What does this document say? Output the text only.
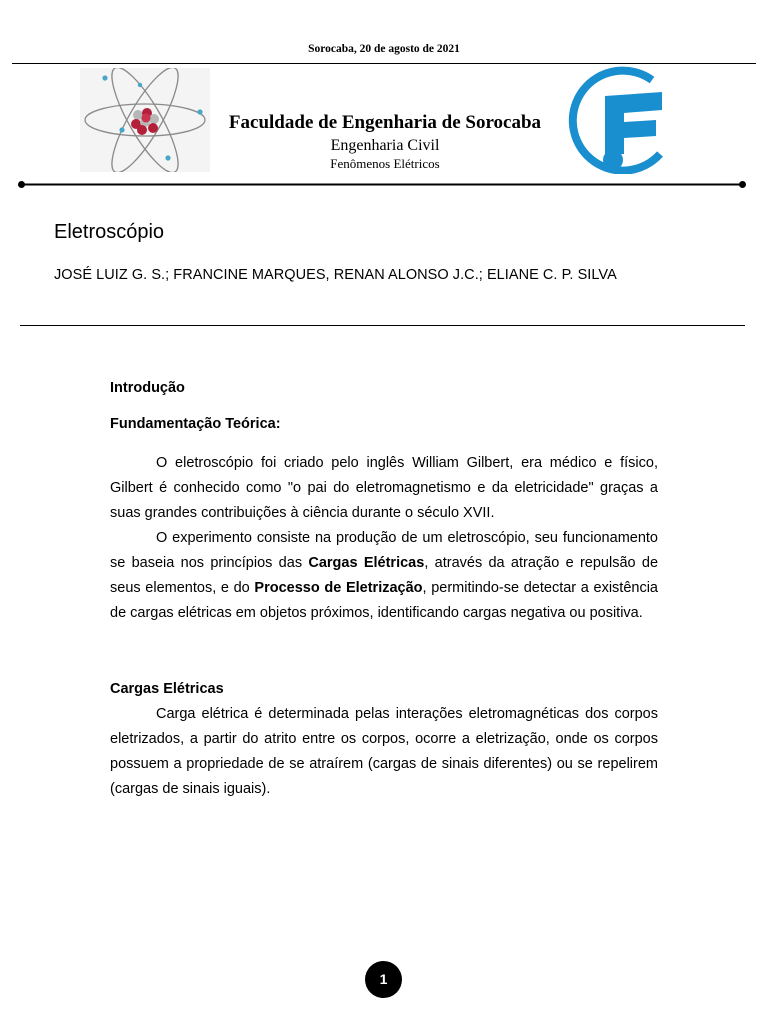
Sorocaba, 20 de agosto de 2021
Faculdade de Engenharia de Sorocaba
Engenharia Civil
Fenômenos Elétricos
Eletroscópio
JOSÉ LUIZ G. S.; FRANCINE MARQUES, RENAN ALONSO J.C.; ELIANE C. P. SILVA
Introdução
Fundamentação Teórica:

O eletroscópio foi criado pelo inglês William Gilbert, era médico e físico, Gilbert é conhecido como "o pai do eletromagnetismo e da eletricidade" graças a suas grandes contribuições à ciência durante o século XVII.

O experimento consiste na produção de um eletroscópio, seu funcionamento se baseia nos princípios das Cargas Elétricas, através da atração e repulsão de seus elementos, e do Processo de Eletrização, permitindo-se detectar a existência de cargas elétricas em objetos próximos, identificando cargas negativa ou positiva.

Cargas Elétricas

Carga elétrica é determinada pelas interações eletromagnéticas dos corpos eletrizados, a partir do atrito entre os corpos, ocorre a eletrização, onde os corpos possuem a propriedade de se atraírem (cargas de sinais diferentes) ou se repelirem (cargas de sinais iguais).

1
